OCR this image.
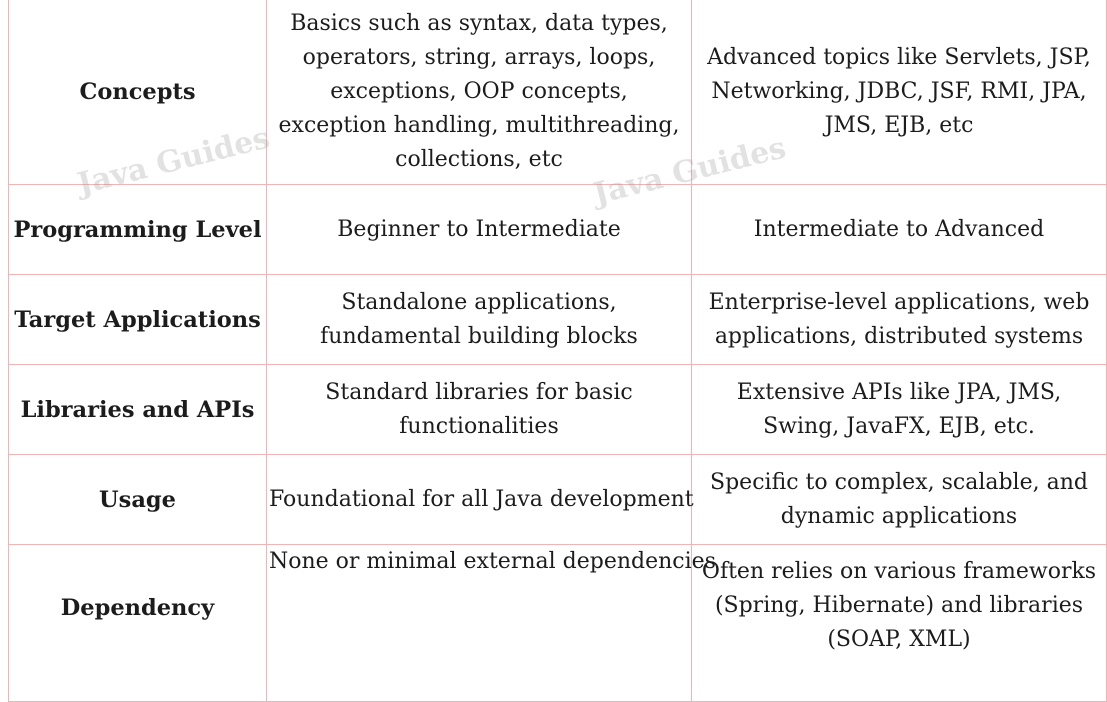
Concepts	Basics such as syntax, data types, operators, string, arrays, loops, exceptions, OOP concepts, exception handling, multithreading, collections, etc	Advanced topics like Servlets, JSP, Networking, JDBC, JSF, RMI, JPA, JMS, EJB, etc
Programming Level	Beginner to Intermediate	Intermediate to Advanced
Target Applications	Standalone applications, fundamental building blocks	Enterprise-level applications, web applications, distributed systems
Libraries and APIs	Standard libraries for basic functionalities	Extensive APIs like JPA, JMS, Swing, JavaFX, EJB, etc.
Usage	Foundational for all Java development	Specific to complex, scalable, and dynamic applications
Dependency	None or minimal external dependencies	Often relies on various frameworks (Spring, Hibernate) and libraries (SOAP, XML)
Java Guides	Java Guides
